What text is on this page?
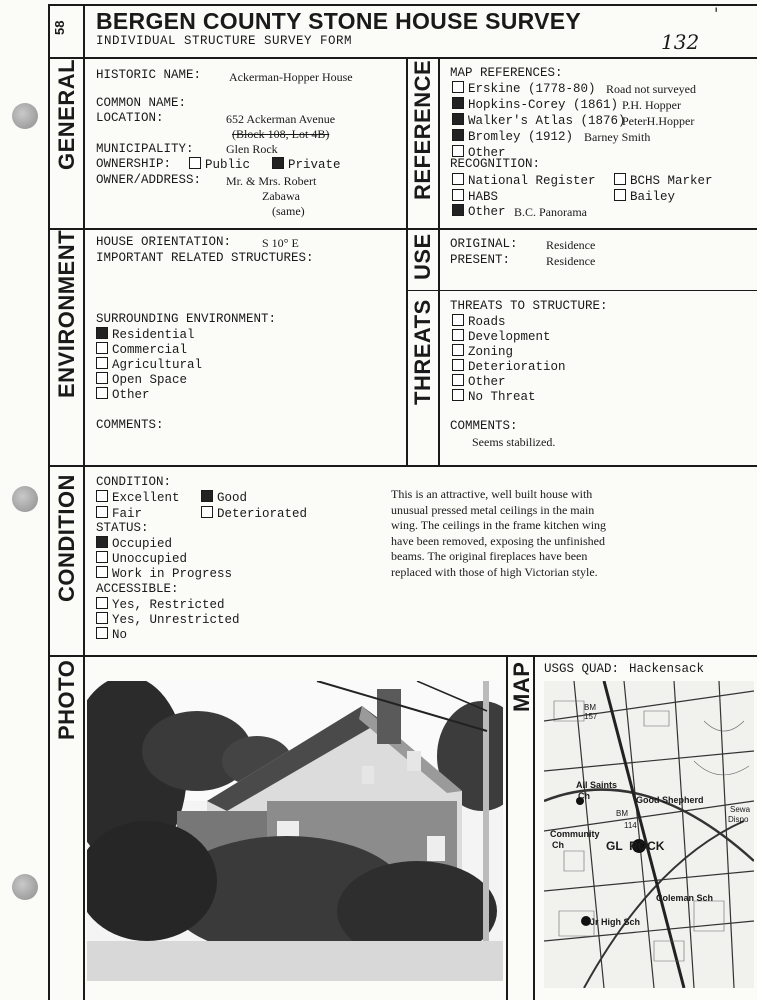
58 BERGEN COUNTY STONE HOUSE SURVEY
INDIVIDUAL STRUCTURE SURVEY FORM
'
132
GENERAL	REFERENCE
ENVIRONMENT	USE
THREATS
CONDITION
PHOTO	MAP
HISTORIC NAME: Ackerman-Hopper House
COMMON NAME:
LOCATION:	652 Ackerman Avenue
(Block 108, Lot 4B)
MUNICIPALITY:	Glen Rock
OWNERSHIP:	Public	Private
OWNER/ADDRESS: Mr. & Mrs. Robert
Zabawa
(same)
MAP REFERENCES:
Erskine (1778-80) Road not surveyed
Hopkins-Corey (1861) P.H. Hopper
Walker's Atlas (1876)
PeterH.Hopper
Bromley (1912) Barney Smith
Other
RECOGNITION:
National Register	BCHS Marker
HABS	Bailey
Other B.C. Panorama
HOUSE ORIENTATION:	S 10° E
IMPORTANT RELATED STRUCTURES:
SURROUNDING ENVIRONMENT:
Residential
Commercial
Agricultural
Open Space
Other
COMMENTS:
ORIGINAL: Residence
PRESENT:	Residence
THREATS TO STRUCTURE:
Roads
Development
Zoning
Deterioration
Other
No Threat
COMMENTS:
Seems stabilized.
CONDITION:
Excellent	Good
Fair	Deteriorated
STATUS:
Occupied
Unoccupied
Work in Progress
ACCESSIBLE:
Yes, Restricted
Yes, Unrestricted
No
This is an attractive, well built house with
unusual pressed metal ceilings in the main
wing. The ceilings in the frame kitchen wing
have been removed, exposing the unfinished
beams. The original fireplaces have been
replaced with those of high Victorian style.
USGS QUAD: Hackensack
All Saints
Ch	Good Shepherd
Community
Ch	GL  ROCK
Coleman Sch
Jr High Sch
Sewa
Dispo
BM
157
BM
114
